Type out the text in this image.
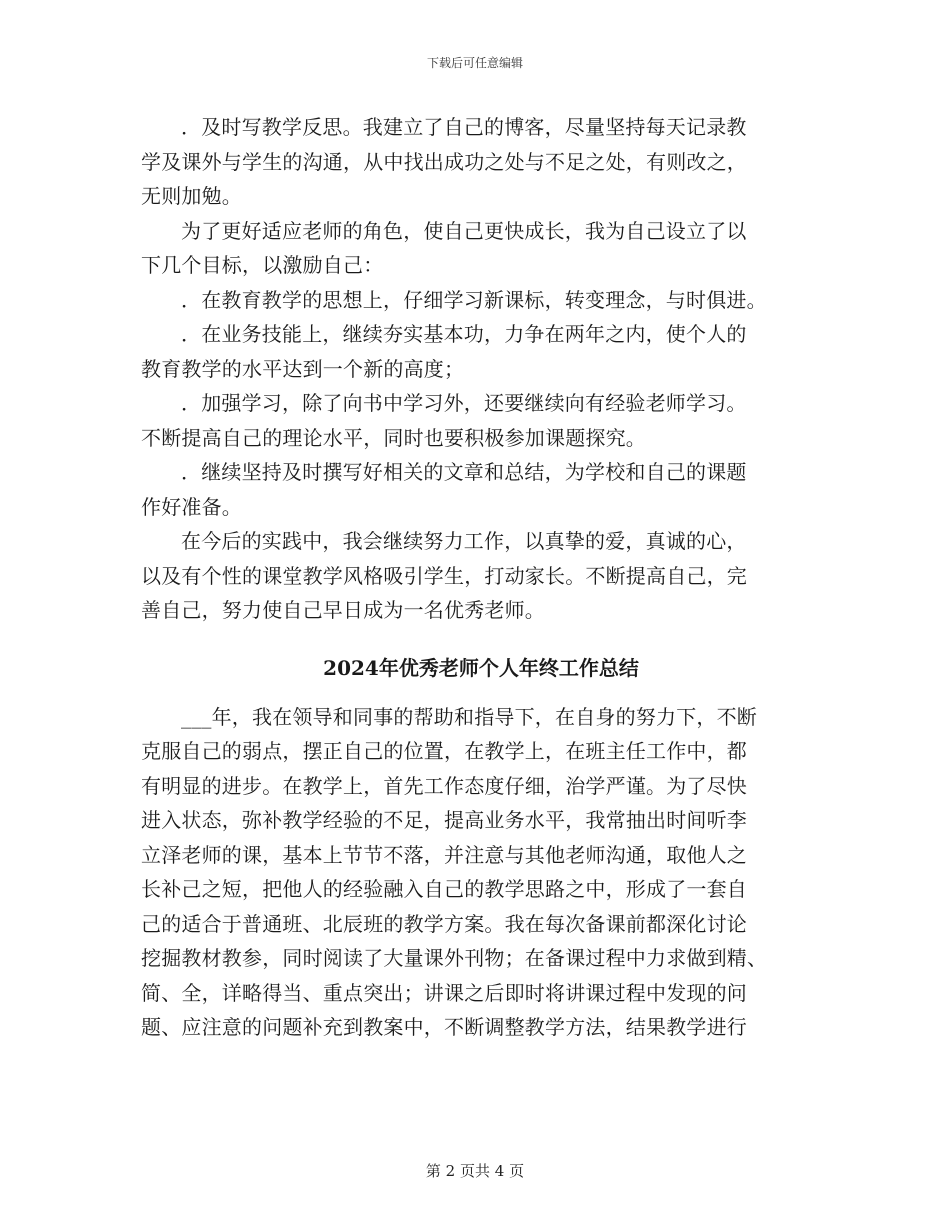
下载后可任意编辑
．及时写教学反思。我建立了自己的博客，尽量坚持每天记录教
学及课外与学生的沟通，从中找出成功之处与不足之处，有则改之，
无则加勉。
为了更好适应老师的角色，使自己更快成长，我为自己设立了以
下几个目标，以激励自己：
．在教育教学的思想上，仔细学习新课标，转变理念，与时俱进。
．在业务技能上，继续夯实基本功，力争在两年之内，使个人的
教育教学的水平达到一个新的高度；
．加强学习，除了向书中学习外，还要继续向有经验老师学习。
不断提高自己的理论水平，同时也要积极参加课题探究。
．继续坚持及时撰写好相关的文章和总结，为学校和自己的课题
作好准备。
在今后的实践中，我会继续努力工作，以真挚的爱，真诚的心，
以及有个性的课堂教学风格吸引学生，打动家长。不断提高自己，完
善自己，努力使自己早日成为一名优秀老师。
2024年优秀老师个人年终工作总结
___年，我在领导和同事的帮助和指导下，在自身的努力下，不断
克服自己的弱点，摆正自己的位置，在教学上，在班主任工作中，都
有明显的进步。在教学上，首先工作态度仔细，治学严谨。为了尽快
进入状态，弥补教学经验的不足，提高业务水平，我常抽出时间听李
立泽老师的课，基本上节节不落，并注意与其他老师沟通，取他人之
长补己之短，把他人的经验融入自己的教学思路之中，形成了一套自
己的适合于普通班、北辰班的教学方案。我在每次备课前都深化讨论
挖掘教材教参，同时阅读了大量课外刊物；在备课过程中力求做到精、
简、全，详略得当、重点突出；讲课之后即时将讲课过程中发现的问
题、应注意的问题补充到教案中，不断调整教学方法，结果教学进行
第 2 页共 4 页
